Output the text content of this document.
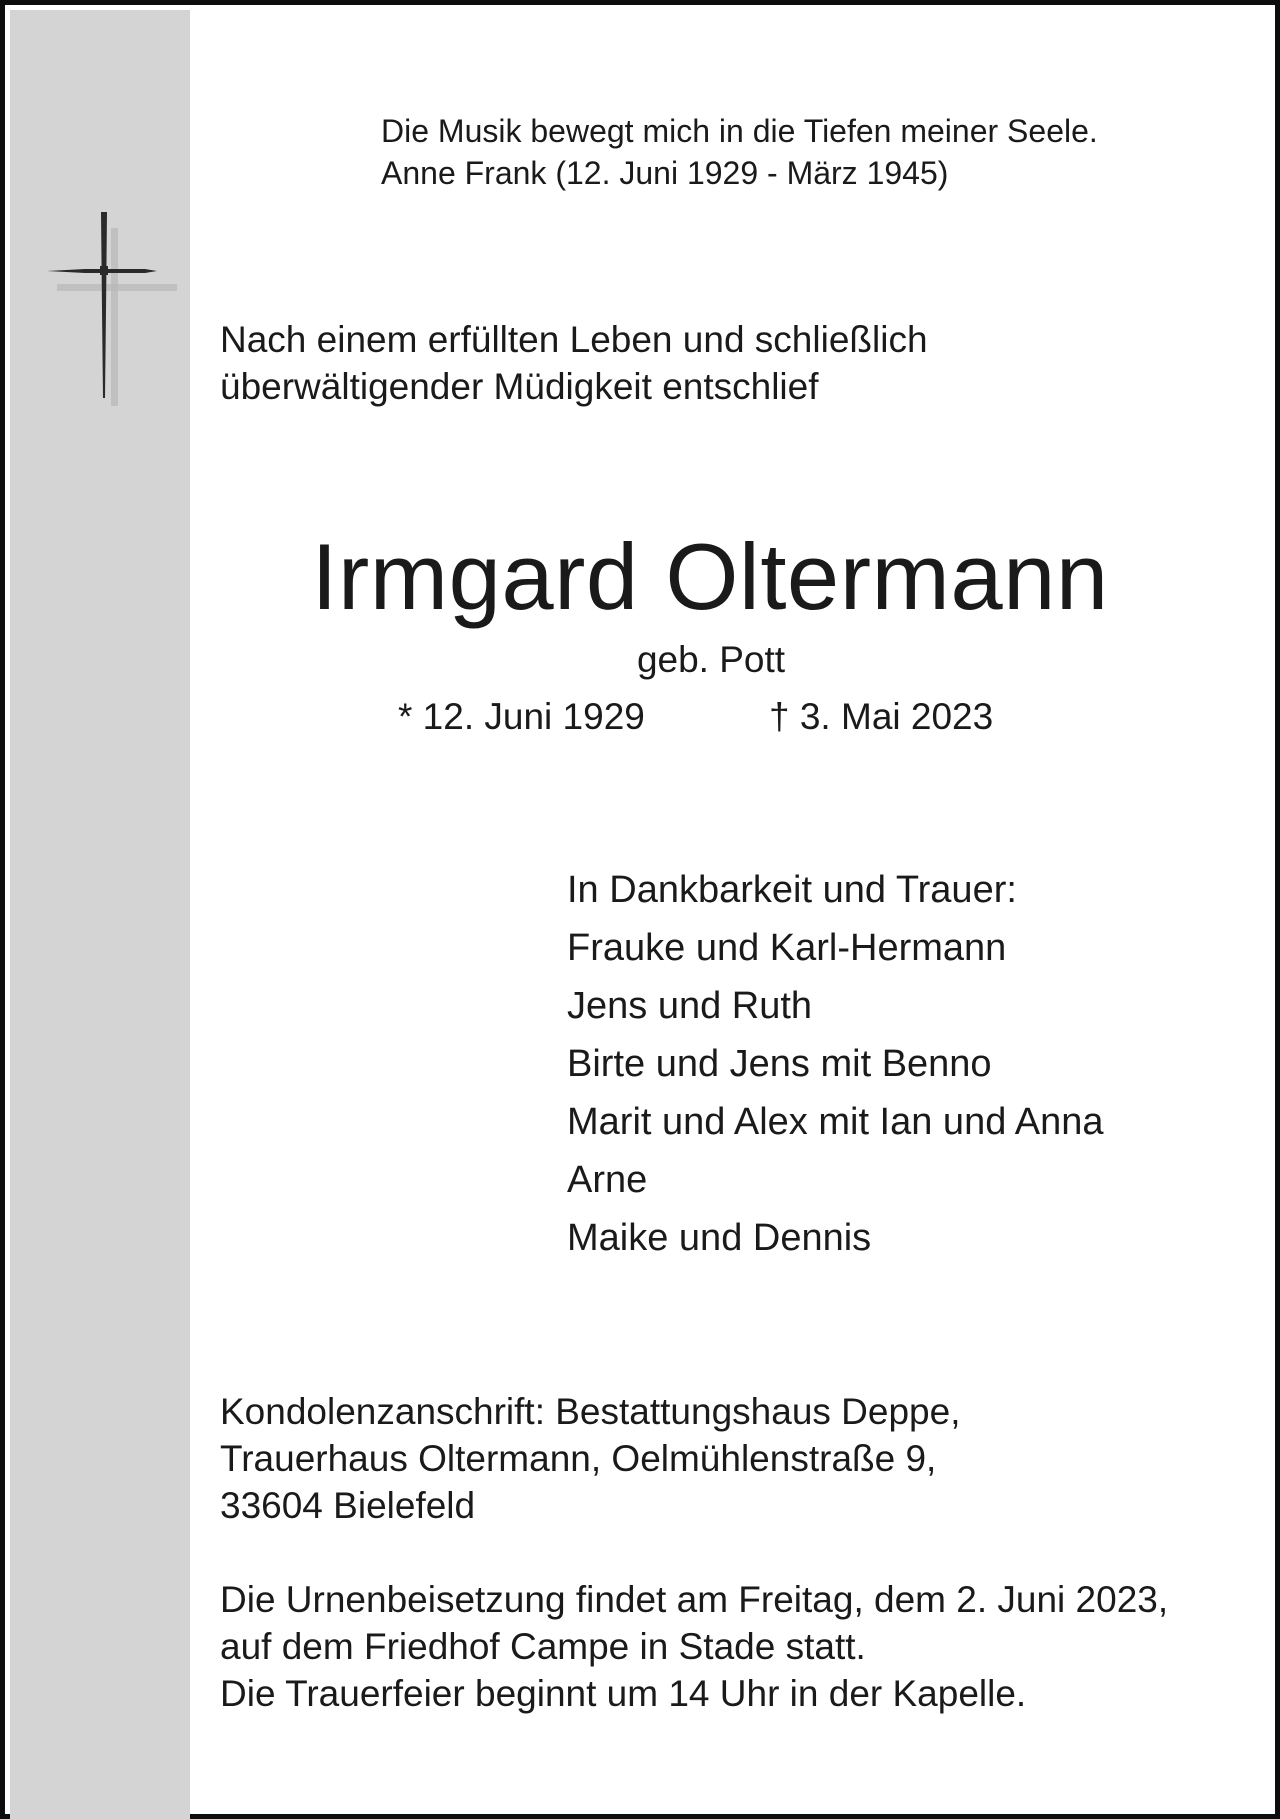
Die Musik bewegt mich in die Tiefen meiner Seele.
Anne Frank (12. Juni 1929 - März 1945)
Nach einem erfüllten Leben und schließlich
überwältigender Müdigkeit entschlief
Irmgard Oltermann
geb. Pott
* 12. Juni 1929	† 3. Mai 2023
In Dankbarkeit und Trauer:
Frauke und Karl-Hermann
Jens und Ruth
Birte und Jens mit Benno
Marit und Alex mit Ian und Anna
Arne
Maike und Dennis
Kondolenzanschrift: Bestattungshaus Deppe,
Trauerhaus Oltermann, Oelmühlenstraße 9,
33604 Bielefeld
Die Urnenbeisetzung findet am Freitag, dem 2. Juni 2023,
auf dem Friedhof Campe in Stade statt.
Die Trauerfeier beginnt um 14 Uhr in der Kapelle.
